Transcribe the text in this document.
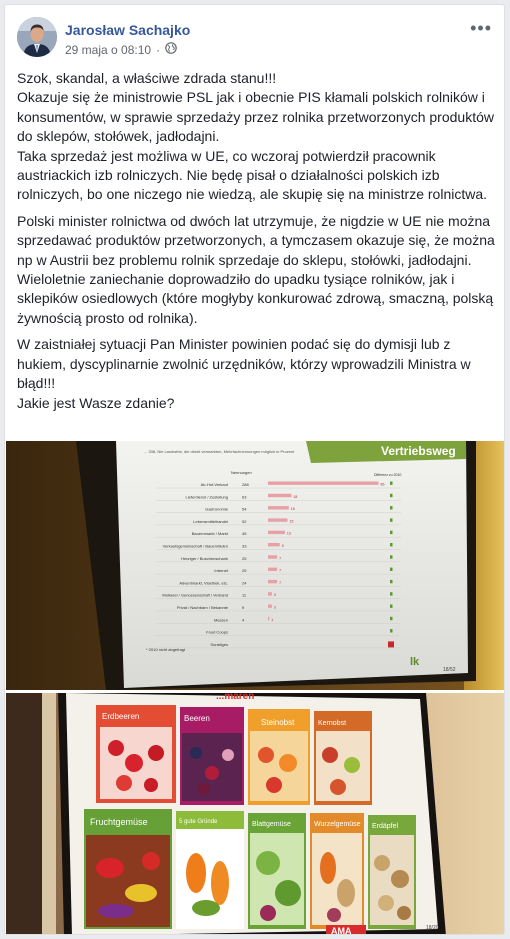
Jarosław Sachajko
29 maja o 08:10 ·
•••

Szok, skandal, a właściwe zdrada stanu!!!
Okazuje się że ministrowie PSL jak i obecnie PIS kłamali polskich rolników i konsumentów, w sprawie sprzedaży przez rolnika przetworzonych produktów do sklepów, stołówek, jadłodajni.
Taka sprzedaż jest możliwa w UE, co wczoraj potwierdził pracownik austriackich izb rolniczych. Nie będę pisał o działalności polskich izb rolniczych, bo one niczego nie wiedzą, ale skupię się na ministrze rolnictwa.

Polski minister rolnictwa od dwóch lat utrzymuje, że nigdzie w UE nie można sprzedawać produktów przetworzonych, a tymczasem okazuje się, że można np w Austrii bez problemu rolnik sprzedaje do sklepu, stołówki, jadłodajni. Wieloletnie zaniechanie doprowadziło do upadku tysiące rolników, jak i sklepików osiedlowych (które mogłyby konkurować zdrową, smaczną, polską żywnością prosto od rolnika).

W zaistniałej sytuacji Pan Minister powinien podać się do dymisji lub z hukiem, dyscyplinarnie zwolnić urzędników, którzy wprowadzili Ministra w błąd!!!
Jakie jest Wasze zdanie?

Vertriebsweg
... 338, Nie Landwirte, die direkt vermarkten, Mehrfachnennungen möglich in Prozent
Nennungen	Differenz zu 2010
Ab-Hof-Verkauf	288	85
Lieferdienst / Zustellung	63	18
Gastronomie	54	16
Lebensmittelhandel	52	15
Bauernmarkt / Markt	45	13
Verkaufsgemeinschaft / Bauernläden	33	9
Heuriger / Buschenschank	25	7
Internet	25	7
Adventmarkt, Viaxthek, etc.	24	7
Molkerei / Genossenschaft / Verband	11	3
Privat / Nachbarn / Bekannte	9	3
Messen	4	1
Food Coops
Sonstiges
* 2010 nicht abgefragt
lk
18/52
...maren
Erdbeeren	Beeren	Steinobst	Kernobst
Fruchtgemüse	5 gute Gründe	Blattgemüse	Wurzelgemüse Erdäpfel
AMA	18/20
